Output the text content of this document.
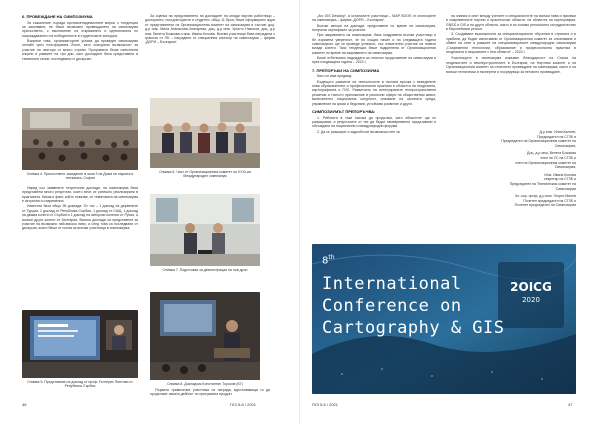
6. ПРОВЕЖДАНЕ НА СИМПОЗИУМА

За съжаление, поради противоепидемичните мерки, с тенденция за засилване, не беше възможно провеждането на симпозиума присъствено, с изключение на откриването и церемонията по награждаването на победителите в студентските конкурси.

Въпреки това, организаторите успяха да проведат симпозиума онлайн чрез платформата Zoom, като осигуриха възможност за участие на лектори от много страни. Програмата беше изпълнена изцяло в рамките на три дни, като докладите бяха представени в тематични сесии, последвани от дискусии.

За оценка на представянето на докладите на млади научни работници – докторанти, постдокторанти и студенти, общо 11 броя, беше сформирано жури от представители на Организационния комитет на симпозиума в състав: доц. д-р инж. Мила Атанасова-Златарева, доц. д-р инж. Христо Николов, доц. д-р инж. Венета Божкова и инж. Ивана Колова. Всички участници бяха наградени с грамота от ПК – наградени от специалния спонсор на симпозиума – фирма „ДОРИ – България“.

Снимка 4. Присъствено заседание в зала 3 на Дома на науката и техниката, София

Наред със заявените теоретични доклади, на симпозиума бяха представени много резултати, които вече се успешно реализирани в практиката. Никак е факт, който показва, че тематиката на симпозиума е актуална и съвременна.

Известни бяха общо 35 доклада. От тях – 1 доклад на дървените от Турция, 1 доклад от Република Сърбия, 1 доклад от САЩ, 1 доклад на двама колеги от Сърбия и 1 доклад на авторски колегия от Русия, а всички други колеги от България. Всички доклади са представени за участие на възможно най-високо ниво, а след това са последвани от дискусия, която беше от полза за всички участници в симпозиума.

Снимка 5. Представяне на доклад от проф. Гелтерис Пинтови от Република Сърбия
Снимка 6. Част от Организационния комитет на XXXI-ия Международен симпозиум
Снимка 7. Подготовка за демонстрация на нов дрон
Снимка 8. Докладчик Константин Торосов (БГ)

Първата тримесечие участника са награди, вдъхновяващи ги да продължат своята дейност по програмата продукт

46	ГКЗ 5-6 / 2021

„Arc GIS Desktop“, а останалите участници – NIAP BOOK от спонсорите на симпозиума – фирма „ДОРИ – България“.

Всички автори на доклади, представени по време на симпозиума, получиха сертификат за участие.

При закриването на симпозиума, бяха поздравени всички участници и бе изразена увереност, че по същия начин и на следващата година симпозиумът ще се проведе успешно, със значително участие на повече млади колеги. Тази тенденция беше подкрепена от Организационния комитет по време на закриването на симпозиума.

Беше отбелязано надеждата за отлично продължение на симпозиума и през следващата година – 2022 г.

7. ПРЕПОРЪКИ НА СИМПОЗИУМА

Като се има предвид:

Бъдещото развитие на технологиите в тясната връзка с въведените нови образователни и професионални практики в областта на геодезията, картографията и ГИС. Развитието на интегрираните геопространствени решения и тяхното приложение в различни сфери на обществения живот, включително национална сигурност, опазване на околната среда, управление на кризи и бедствия, устойчиво развитие и други.

СИМПОЗИУМЪТ ПРЕПОРЪЧВА:

1. Работата в тази насока да продължи, като областите ще се разширяват, а резултатите от тях да бъдат своевременно представяни и обсъждани на национални и международни форуми.

2. Да се разширят и задълбочат възможностите за

на знания и опит между учените и специалистите на всички нива и прилики в съвременните научни и практически области, на областта на картография, GNSS и GIS и на други области, както и по-голямо регионално сътрудничество в Европейския регион.

3. Създаване възможности за специализираните обучения в страната и в чужбина, да бъдат използвани от Организационния комитет за опознаване и обмен на опит в рамките на специализираните международни симпозиуми „Съвременни технологии, образование и професионална практика в геодезията и свързаните с нея области“ – 2022 г.

Участниците в симпозиума изказват благодарност на Съюза на геодезистите и землеустроителите в България, на Научния комитет и на Организационния комитет за отличното провеждане на симпозиума, както и на всички технически и експертни и посредници за неговото провеждане.

Д-р инж. Илия Калчев,

Председател на СГЗБ и

Председател на Организационния комитет на

Симпозиума,

Доц. д-р инж. Венета Божкова

член на УС на СГЗБ и

член на Организационния комитет на

Симпозиума,

Инж. Ивана Колова

секретар на СГЗБ и

Председател на Техническия комитет на

Симпозиума

Чл.-кор. проф. д-р инж. Георги Милев

Почетен председател на СГЗБ и

Почетен председател на Симпозиума

8th
International
Conference on
Cartography & GIS
2ОICG
2020
ГКЗ 5-6 / 2021	47
